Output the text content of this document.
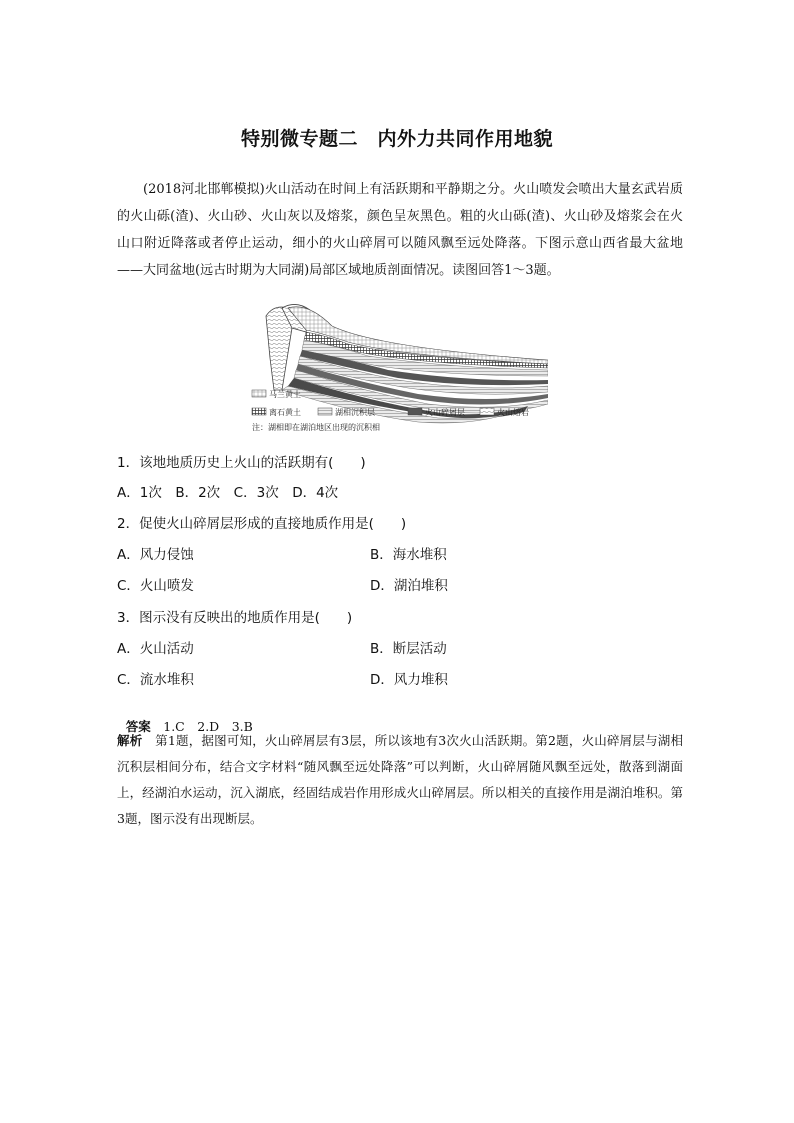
特别微专题二　内外力共同作用地貌
(2018河北邯郸模拟)火山活动在时间上有活跃期和平静期之分。火山喷发会喷出大量玄武岩质的火山砾(渣)、火山砂、火山灰以及熔浆，颜色呈灰黑色。粗的火山砾(渣)、火山砂及熔浆会在火山口附近降落或者停止运动，细小的火山碎屑可以随风飘至远处降落。下图示意山西省最大盆地——大同盆地(远古时期为大同湖)局部区域地质剖面情况。读图回答1～3题。
马兰黄土
离石黄土	湖相沉积层	火山碎屑层	火山熔岩
注：湖相即在湖泊地区出现的沉积相
1．该地地质历史上火山的活跃期有(　　)
A．1次　B．2次　C．3次　D．4次
2．促使火山碎屑层形成的直接地质作用是(　　)
A．风力侵蚀	B．海水堆积
C．火山喷发	D．湖泊堆积
3．图示没有反映出的地质作用是(　　)
A．火山活动	B．断层活动
C．流水堆积	D．风力堆积

答案　 1.C　2.D　3.B

解析　 第1题，据图可知，火山碎屑层有3层，所以该地有3次火山活跃期。第2题，火山碎屑层与湖相沉积层相间分布，结合文字材料“随风飘至远处降落”可以判断，火山碎屑随风飘至远处，散落到湖面上，经湖泊水运动，沉入湖底，经固结成岩作用形成火山碎屑层。所以相关的直接作用是湖泊堆积。第3题，图示没有出现断层。
